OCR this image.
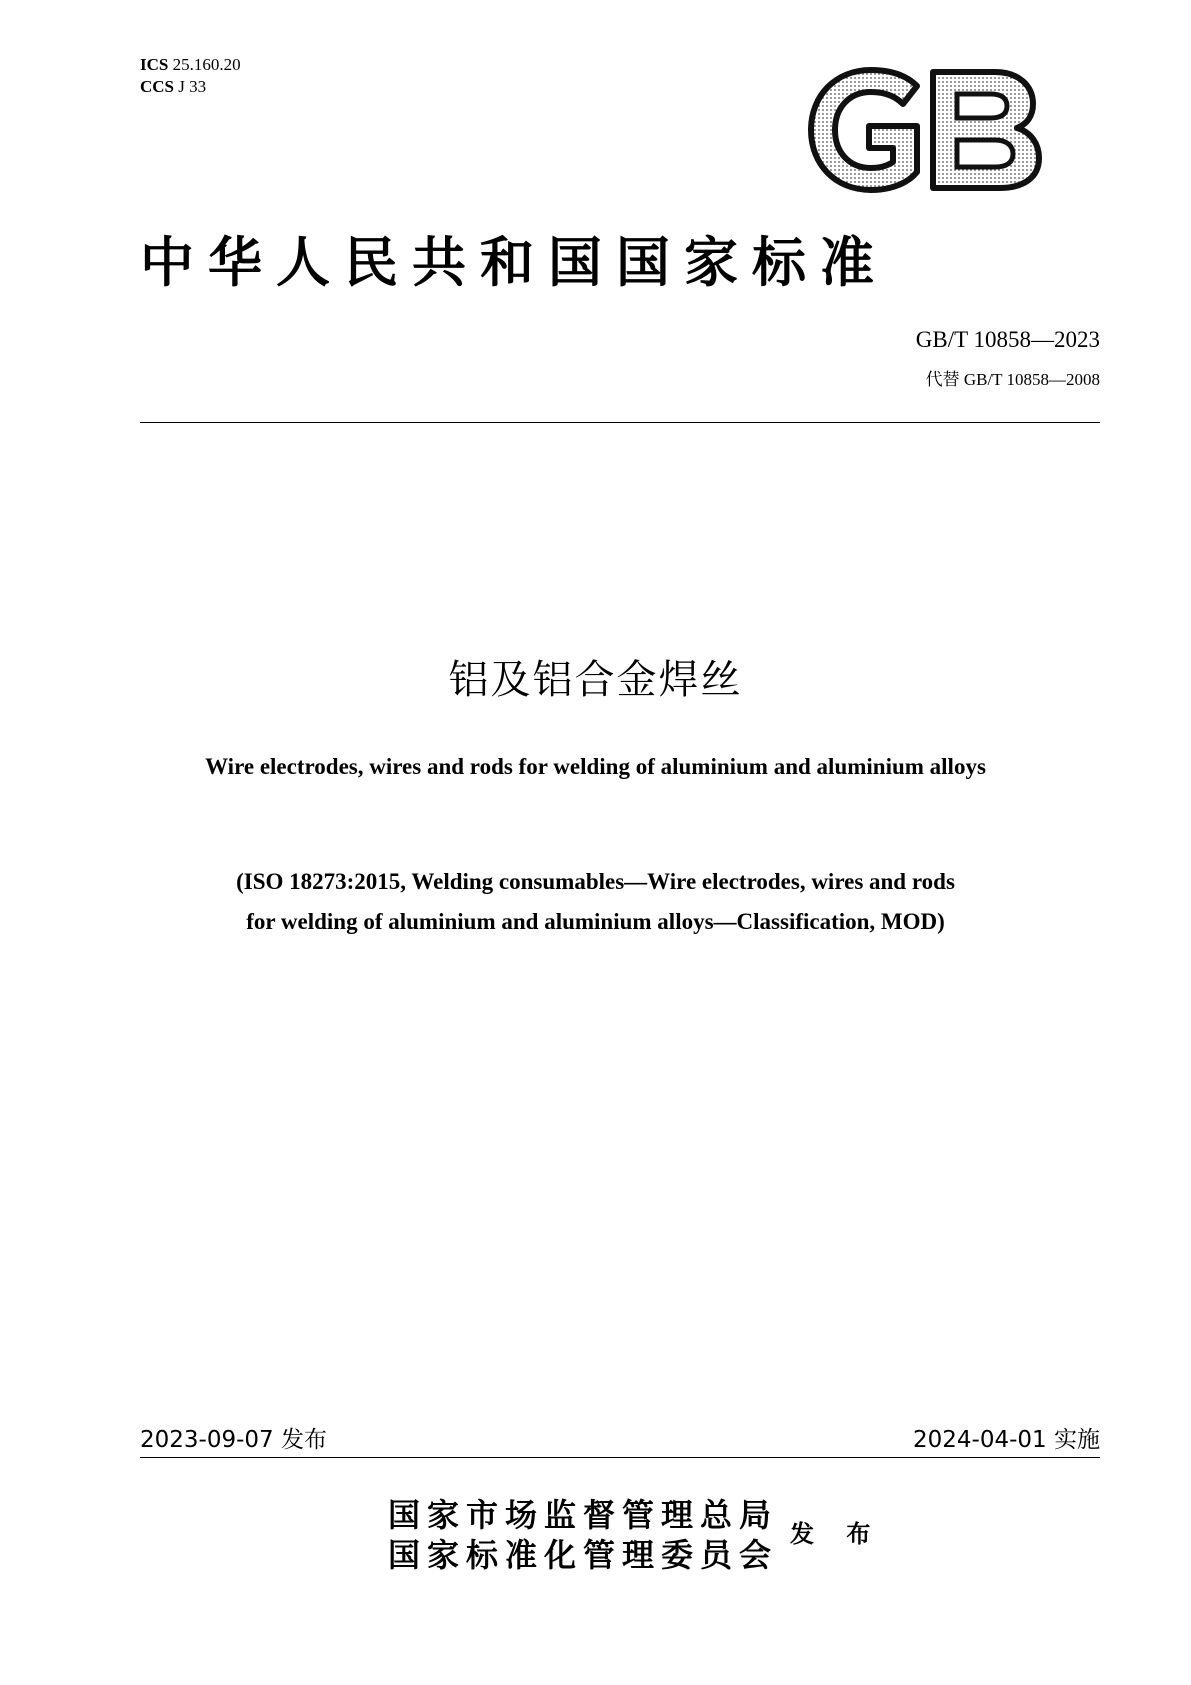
ICS 25.160.20
CCS J 33
GB
中华人民共和国国家标准
GB/T 10858—2023
代替 GB/T 10858—2008
铝及铝合金焊丝
Wire electrodes, wires and rods for welding of aluminium and aluminium alloys
(ISO 18273:2015, Welding consumables—Wire electrodes, wires and rods
for welding of aluminium and aluminium alloys—Classification, MOD)
2023-09-07 发布	2024-04-01 实施
国家市场监督管理总局
国家标准化管理委员会
发 布
